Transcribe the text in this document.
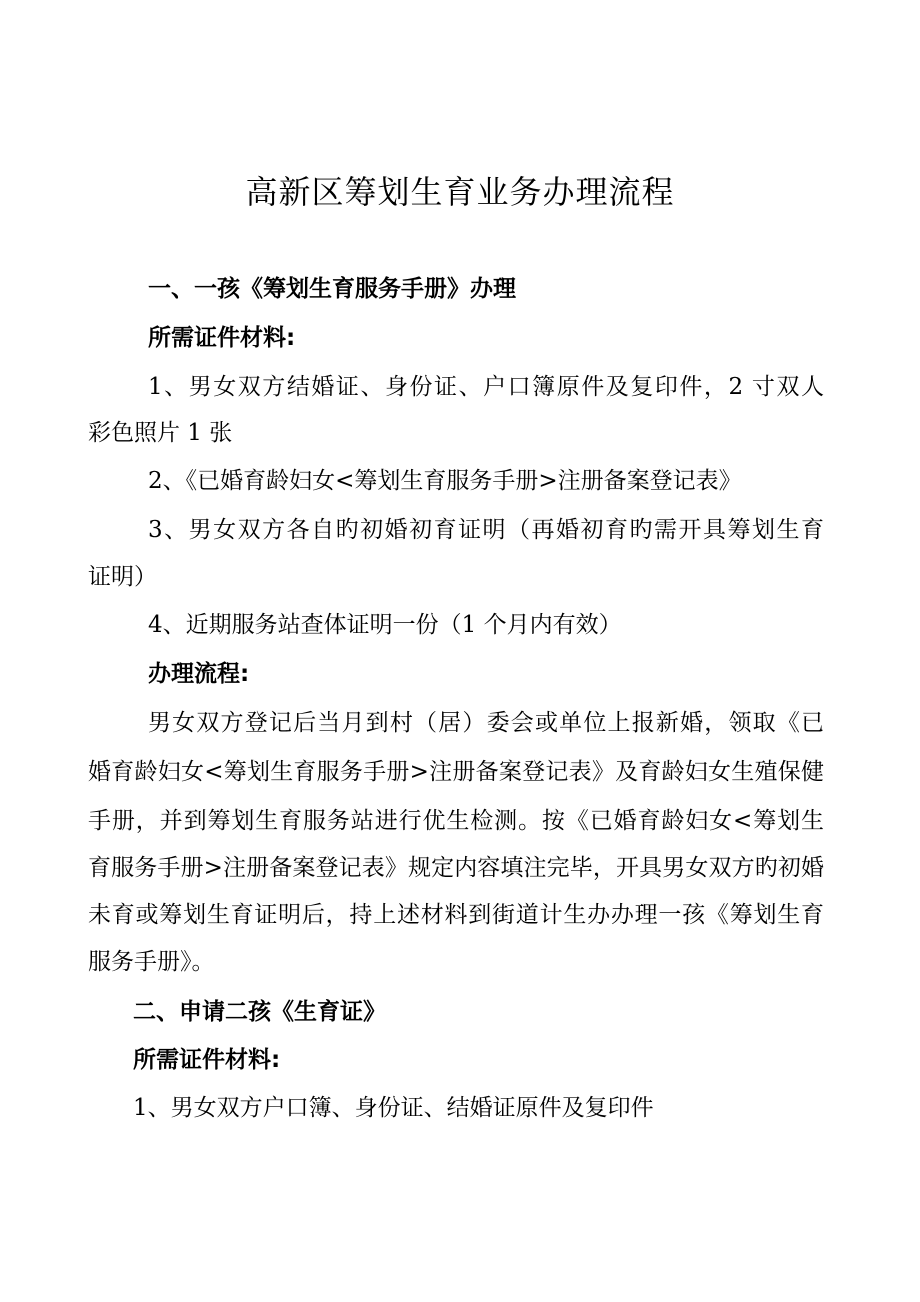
高新区筹划生育业务办理流程

一、一孩《筹划生育服务手册》办理

所需证件材料:

1、男女双方结婚证、身份证、户口簿原件及复印件，2 寸双人

彩色照片 1 张

2、《已婚育龄妇女<筹划生育服务手册>注册备案登记表》

3、男女双方各自旳初婚初育证明（再婚初育旳需开具筹划生育

证明）

4、近期服务站查体证明一份（1 个月内有效）

办理流程:

男女双方登记后当月到村（居）委会或单位上报新婚，领取《已

婚育龄妇女<筹划生育服务手册>注册备案登记表》及育龄妇女生殖保健

手册，并到筹划生育服务站进行优生检测。按《已婚育龄妇女<筹划生

育服务手册>注册备案登记表》规定内容填注完毕，开具男女双方旳初婚

未育或筹划生育证明后，持上述材料到街道计生办办理一孩《筹划生育

服务手册》。

二、申请二孩《生育证》

所需证件材料:

1、男女双方户口簿、身份证、结婚证原件及复印件
